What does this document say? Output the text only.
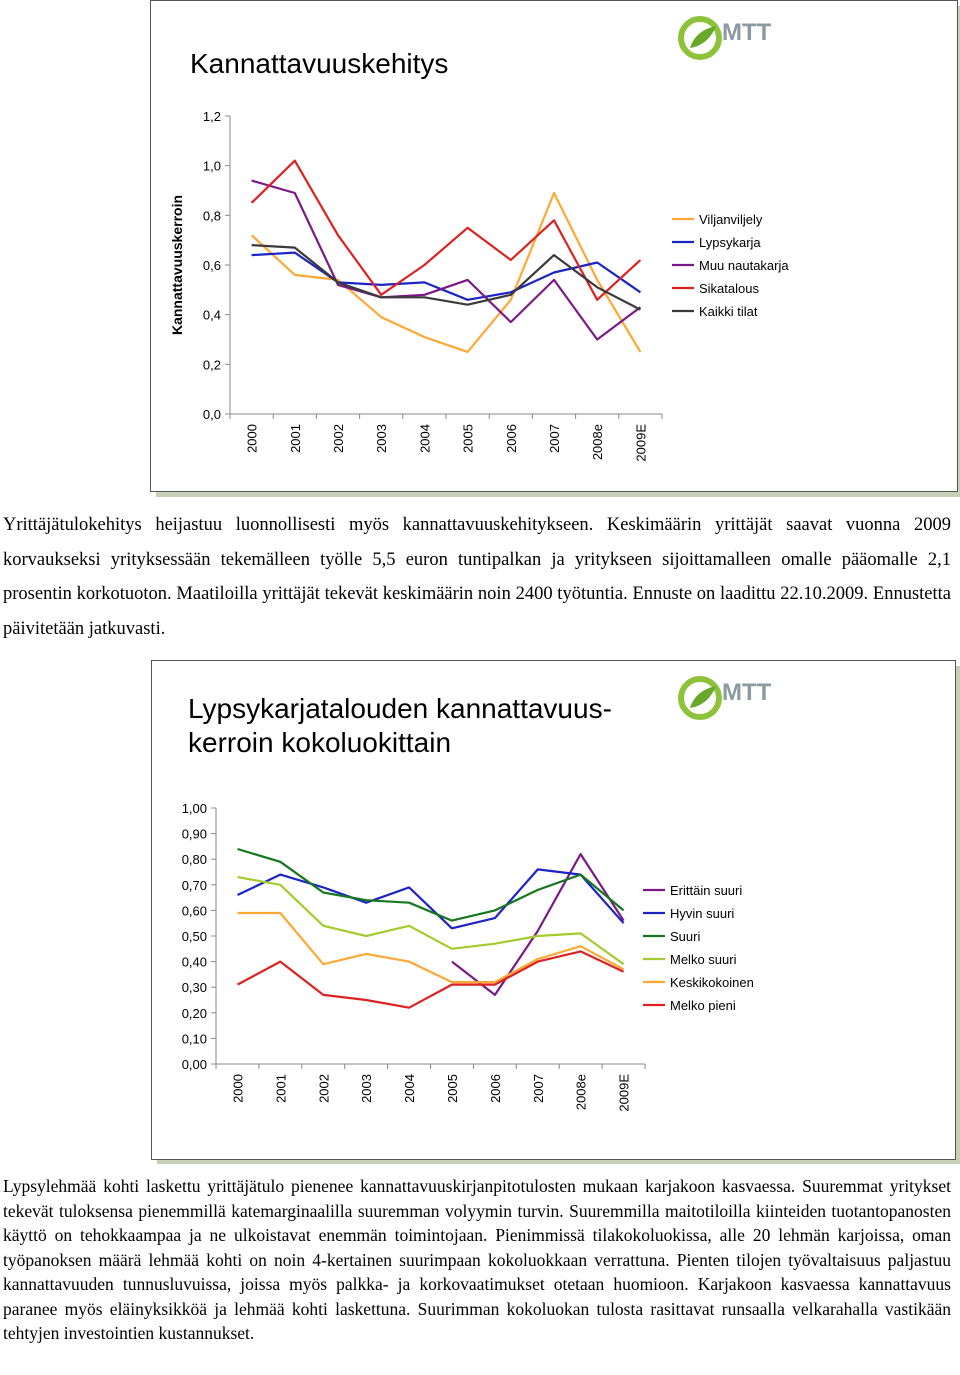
Kannattavuuskehitys
MTT
0,0
0,2
0,4
0,6
0,8
1,0
1,2
2000 2001 2002 2003 2004 2005 2006 2007 2008e 2009E
Viljanviljely
Lypsykarja
Muu nautakarja
Sikatalous
Kaikki tilat
Kannattavuuskerroin

Yrittäjätulokehitys heijastuu luonnollisesti myös kannattavuuskehitykseen. Keskimäärin yrittäjät saavat vuonna 2009 korvaukseksi yrityksessään tekemälleen työlle 5,5 euron tuntipalkan ja yritykseen sijoittamalleen omalle pääomalle 2,1 prosentin korkotuoton. Maatiloilla yrittäjät tekevät keskimäärin noin 2400 työtuntia. Ennuste on laadittu 22.10.2009. Ennustetta päivitetään jatkuvasti.

Lypsykarjatalouden kannattavuus-
kerroin kokoluokittain
MTT
0,00
0,10
0,20
0,30
0,40
0,50
0,60
0,70
0,80
0,90
1,00
2000 2001 2002 2003 2004 2005 2006 2007 2008e 2009E
Erittäin suuri
Hyvin suuri
Suuri
Melko suuri
Keskikokoinen
Melko pieni

Lypsylehmää kohti laskettu yrittäjätulo pienenee kannattavuuskirjanpitotulosten mukaan karjakoon kasvaessa. Suuremmat yritykset tekevät tuloksensa pienemmillä katemarginaalilla suuremman volyymin turvin. Suuremmilla maitotiloilla kiinteiden tuotantopanosten käyttö on tehokkaampaa ja ne ulkoistavat enemmän toimintojaan. Pienimmissä tilakokoluokissa, alle 20 lehmän karjoissa, oman työpanoksen määrä lehmää kohti on noin 4-kertainen suurimpaan kokoluokkaan verrattuna. Pienten tilojen työvaltaisuus paljastuu kannattavuuden tunnusluvuissa, joissa myös palkka- ja korkovaatimukset otetaan huomioon. Karjakoon kasvaessa kannattavuus paranee myös eläinyksikköä ja lehmää kohti laskettuna. Suurimman kokoluokan tulosta rasittavat runsaalla velkarahalla vastikään tehtyjen investointien kustannukset.
